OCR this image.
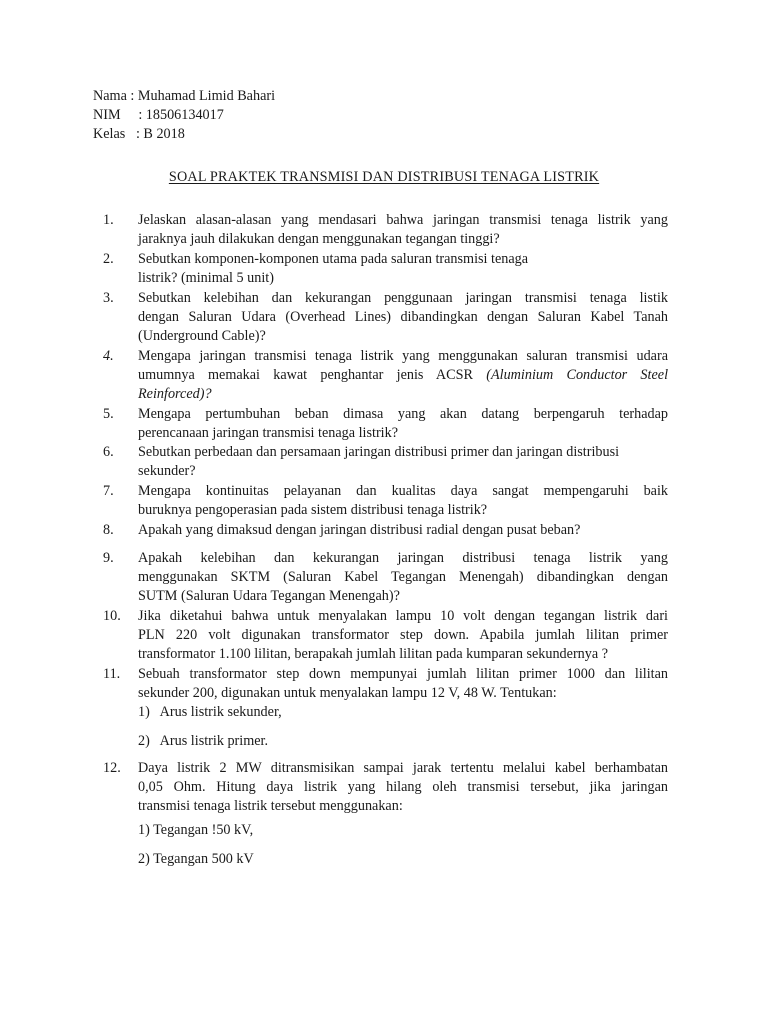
Nama : Muhamad Limid Bahari
NIM     : 18506134017
Kelas   : B 2018
SOAL PRAKTEK TRANSMISI DAN DISTRIBUSI TENAGA LISTRIK
1. Jelaskan alasan-alasan yang mendasari bahwa jaringan transmisi tenaga listrik yang
jaraknya jauh dilakukan dengan menggunakan tegangan tinggi?
2. Sebutkan komponen-komponen utama pada saluran transmisi tenaga
listrik? (minimal 5 unit)
3. Sebutkan kelebihan dan kekurangan penggunaan jaringan transmisi tenaga listik
dengan Saluran Udara (Overhead Lines) dibandingkan dengan Saluran Kabel Tanah
(Underground Cable)?
4. Mengapa jaringan transmisi tenaga listrik yang menggunakan saluran transmisi udara
umumnya memakai kawat penghantar jenis ACSR (Aluminium Conductor Steel
Reinforced)?
5. Mengapa pertumbuhan beban dimasa yang akan datang berpengaruh terhadap
perencanaan jaringan transmisi tenaga listrik?
6. Sebutkan perbedaan dan persamaan jaringan distribusi primer dan jaringan distribusi
sekunder?
7. Mengapa kontinuitas pelayanan dan kualitas daya sangat mempengaruhi baik
buruknya pengoperasian pada sistem distribusi tenaga listrik?
8. Apakah yang dimaksud dengan jaringan distribusi radial dengan pusat beban?
9. Apakah kelebihan dan kekurangan jaringan distribusi tenaga listrik yang
menggunakan SKTM (Saluran Kabel Tegangan Menengah) dibandingkan dengan
SUTM (Saluran Udara Tegangan Menengah)?
10. Jika diketahui bahwa untuk menyalakan lampu 10 volt dengan tegangan listrik dari
PLN 220 volt digunakan transformator step down. Apabila jumlah lilitan primer
transformator 1.100 lilitan, berapakah jumlah lilitan pada kumparan sekundernya ?
11. Sebuah transformator step down mempunyai jumlah lilitan primer 1000 dan lilitan
sekunder 200, digunakan untuk menyalakan lampu 12 V, 48 W. Tentukan:
1)   Arus listrik sekunder,
2)   Arus listrik primer.
12. Daya listrik 2 MW ditransmisikan sampai jarak tertentu melalui kabel berhambatan
0,05 Ohm. Hitung daya listrik yang hilang oleh transmisi tersebut, jika jaringan
transmisi tenaga listrik tersebut menggunakan:
1) Tegangan !50 kV,
2) Tegangan 500 kV
